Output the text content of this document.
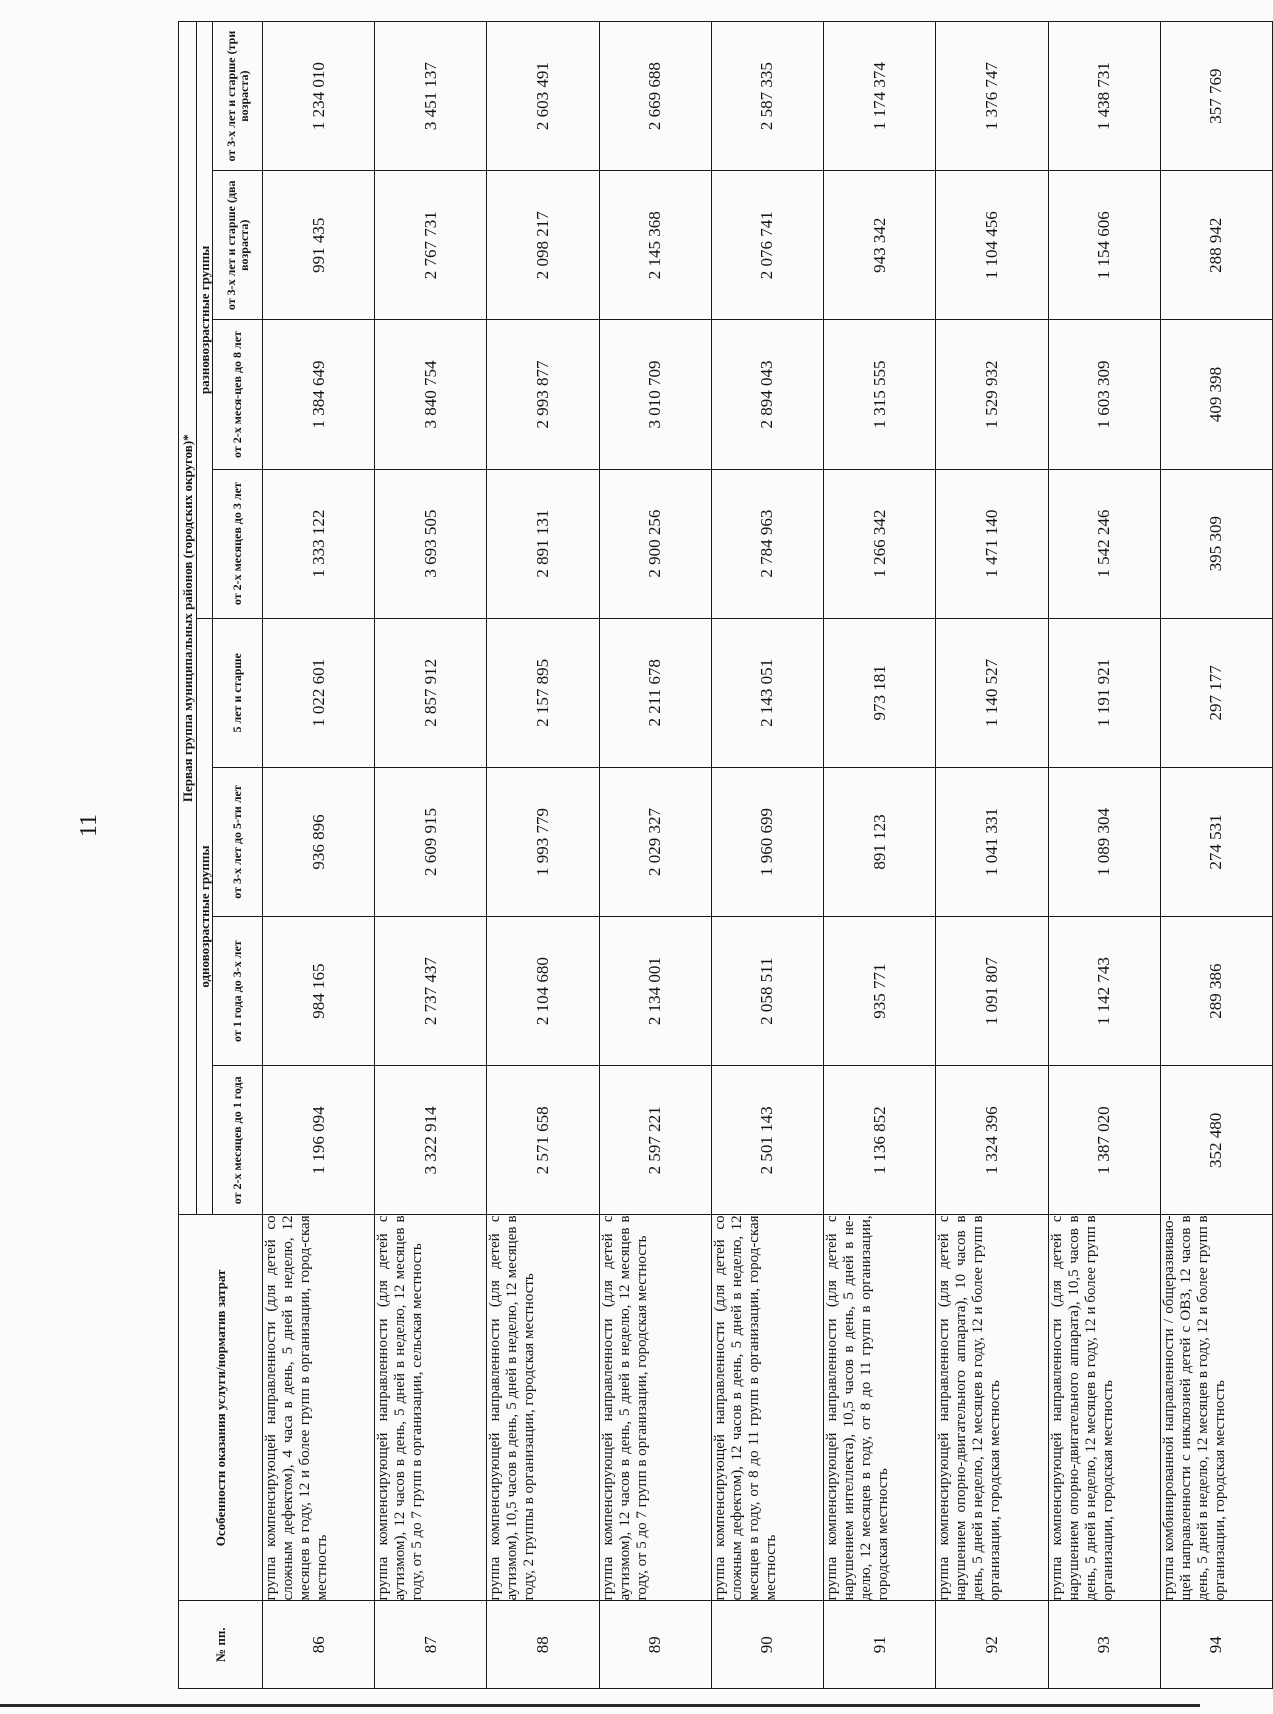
11
№ пп.	Особенности оказания услуги/норматив затрат	Первая группа муниципальных районов (городских округов)*							
		одновозрастные группы				разновозрастные группы			
		от 2-х месяцев до 1 года	от 1 года до 3-х лет	от 3-х лет до 5-ти лет	5 лет и старше	от 2-х месяцев до 3 лет	от 2-х меся-цев до 8 лет	от 3-х лет и старше (два возраста)	от 3-х лет и старше (три возраста)
86	группа компенсирующей направленности (для детей со сложным дефектом), 4 часа в день, 5 дней в неделю, 12 месяцев в году, 12 и более групп в организации, город-ская местность	1 196 094	984 165	936 896	1 022 601	1 333 122	1 384 649	991 435	1 234 010
87	группа компенсирующей направленности (для детей с аутизмом), 12 часов в день, 5 дней в неделю, 12 месяцев в году, от 5 до 7 групп в организации, сельская местность	3 322 914	2 737 437	2 609 915	2 857 912	3 693 505	3 840 754	2 767 731	3 451 137
88	группа компенсирующей направленности (для детей с аутизмом), 10,5 часов в день, 5 дней в неделю, 12 месяцев в году, 2 группы в организации, городская местность	2 571 658	2 104 680	1 993 779	2 157 895	2 891 131	2 993 877	2 098 217	2 603 491
89	группа компенсирующей направленности (для детей с аутизмом), 12 часов в день, 5 дней в неделю, 12 месяцев в году, от 5 до 7 групп в организации, городская местность	2 597 221	2 134 001	2 029 327	2 211 678	2 900 256	3 010 709	2 145 368	2 669 688
90	группа компенсирующей направленности (для детей со сложным дефектом), 12 часов в день, 5 дней в неделю, 12 месяцев в году, от 8 до 11 групп в организации, город-ская местность	2 501 143	2 058 511	1 960 699	2 143 051	2 784 963	2 894 043	2 076 741	2 587 335
91	группа компенсирующей направленности (для детей с нарушением интеллекта), 10,5 часов в день, 5 дней в не-делю, 12 месяцев в году, от 8 до 11 групп в организации, городская местность	1 136 852	935 771	891 123	973 181	1 266 342	1 315 555	943 342	1 174 374
92	группа компенсирующей направленности (для детей с нарушением опорно-двигательного аппарата), 10 часов в день, 5 дней в неделю, 12 месяцев в году, 12 и более групп в организации, городская местность	1 324 396	1 091 807	1 041 331	1 140 527	1 471 140	1 529 932	1 104 456	1 376 747
93	группа компенсирующей направленности (для детей с нарушением опорно-двигательного аппарата), 10,5 часов в день, 5 дней в неделю, 12 месяцев в году, 12 и более групп в организации, городская местность	1 387 020	1 142 743	1 089 304	1 191 921	1 542 246	1 603 309	1 154 606	1 438 731
94	группа комбинированной направленности / общеразвиваю-щей направленности с инклюзией детей с ОВЗ, 12 часов в день, 5 дней в неделю, 12 месяцев в году, 12 и более групп в организации, городская местность	352 480	289 386	274 531	297 177	395 309	409 398	288 942	357 769
